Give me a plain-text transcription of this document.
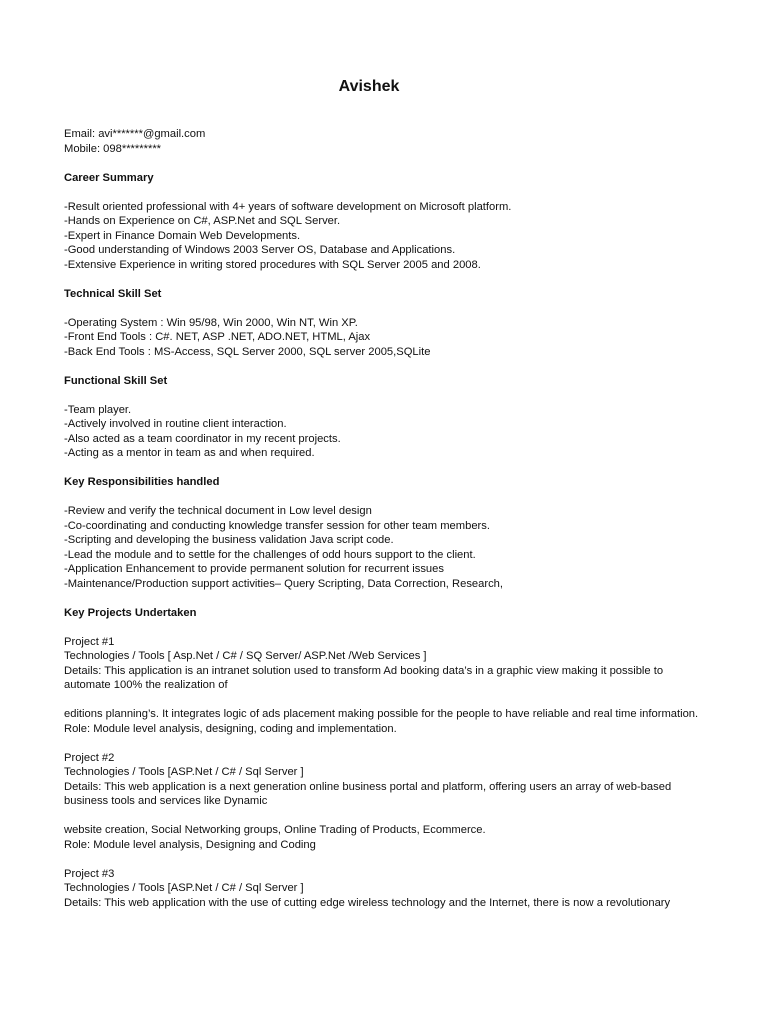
Avishek
Email: avi*******@gmail.com
Mobile: 098*********
Career Summary
-Result oriented professional with 4+ years of software development on Microsoft platform.
-Hands on Experience on C#, ASP.Net and SQL Server.
-Expert in Finance Domain Web Developments.
-Good understanding of Windows 2003 Server OS, Database and Applications.
-Extensive Experience in writing stored procedures with SQL Server 2005 and 2008.
Technical Skill Set
-Operating System : Win 95/98, Win 2000, Win NT, Win XP.
-Front End Tools : C#. NET, ASP .NET, ADO.NET, HTML, Ajax
-Back End Tools : MS-Access, SQL Server 2000, SQL server 2005,SQLite
Functional Skill Set
-Team player.
-Actively involved in routine client interaction.
-Also acted as a team coordinator in my recent projects.
-Acting as a mentor in team as and when required.
Key Responsibilities handled
-Review and verify the technical document in Low level design
-Co-coordinating and conducting knowledge transfer session for other team members.
-Scripting and developing the business validation Java script code.
-Lead the module and to settle for the challenges of odd hours support to the client.
-Application Enhancement to provide permanent solution for recurrent issues
-Maintenance/Production support activities– Query Scripting, Data Correction, Research,
Key Projects Undertaken
Project #1
Technologies / Tools [ Asp.Net / C# / SQ Server/ ASP.Net /Web Services ]
Details: This application is an intranet solution used to transform Ad booking data’s in a graphic view making it possible to automate 100% the realization of
editions planning’s. It integrates logic of ads placement making possible for the people to have reliable and real time information.
Role: Module level analysis, designing, coding and implementation.
Project #2
Technologies / Tools [ASP.Net / C# / Sql Server ]
Details: This web application is a next generation online business portal and platform, offering users an array of web-based business tools and services like Dynamic
website creation, Social Networking groups, Online Trading of Products, Ecommerce.
Role: Module level analysis, Designing and Coding
Project #3
Technologies / Tools [ASP.Net / C# / Sql Server ]
Details: This web application with the use of cutting edge wireless technology and the Internet, there is now a revolutionary
